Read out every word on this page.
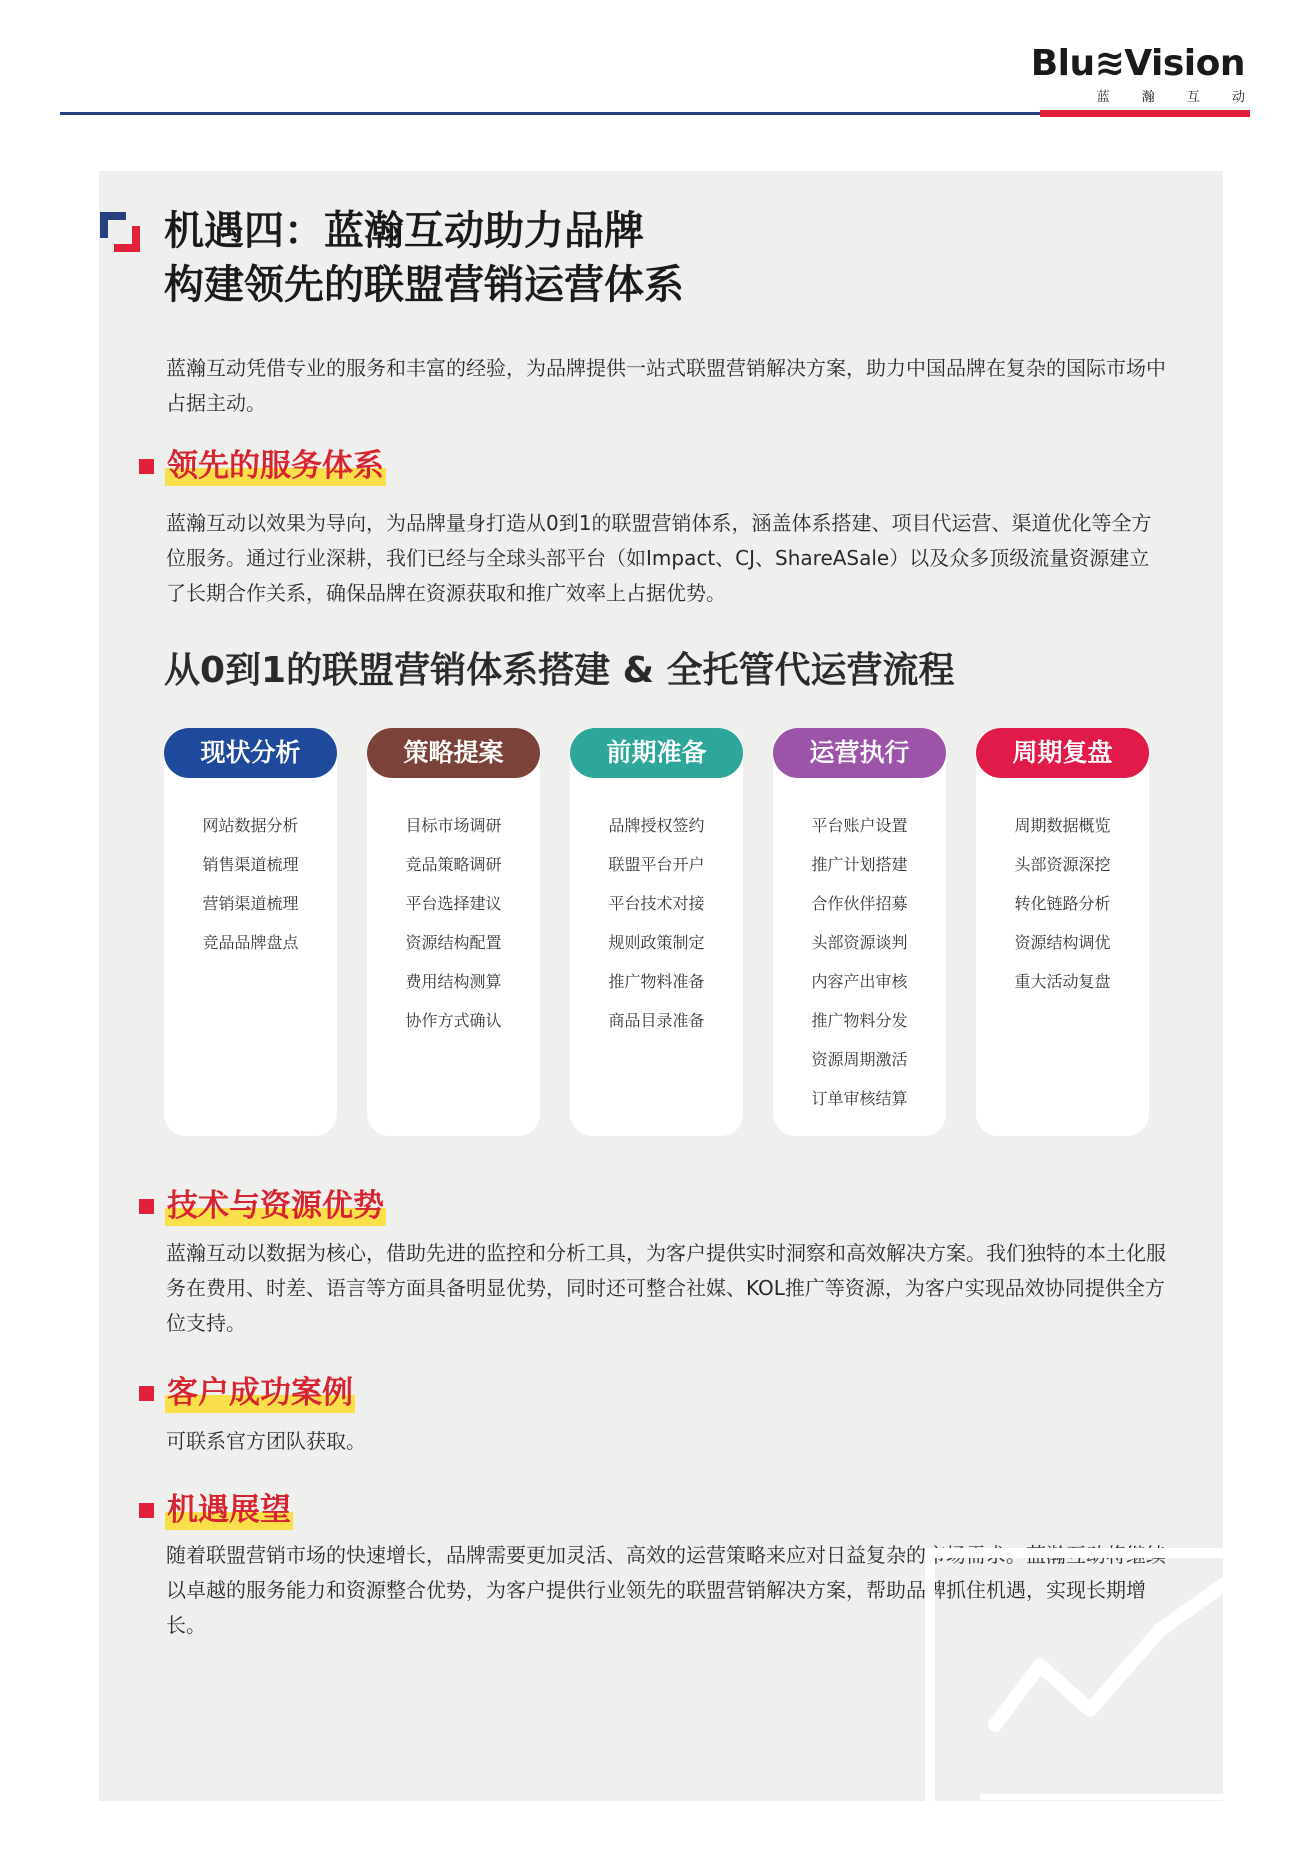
Blu≋Vision
蓝 瀚 互 动
机遇四：蓝瀚互动助力品牌
构建领先的联盟营销运营体系
蓝瀚互动凭借专业的服务和丰富的经验，为品牌提供一站式联盟营销解决方案，助力中国品牌在复杂的国际市场中占据主动。
领先的服务体系
蓝瀚互动以效果为导向，为品牌量身打造从0到1的联盟营销体系，涵盖体系搭建、项目代运营、渠道优化等全方位服务。通过行业深耕，我们已经与全球头部平台（如Impact、CJ、ShareASale）以及众多顶级流量资源建立了长期合作关系，确保品牌在资源获取和推广效率上占据优势。
从0到1的联盟营销体系搭建 & 全托管代运营流程
现状分析
网站数据分析
销售渠道梳理
营销渠道梳理
竞品品牌盘点
策略提案
目标市场调研
竞品策略调研
平台选择建议
资源结构配置
费用结构测算
协作方式确认
前期准备
品牌授权签约
联盟平台开户
平台技术对接
规则政策制定
推广物料准备
商品目录准备
运营执行
平台账户设置
推广计划搭建
合作伙伴招募
头部资源谈判
内容产出审核
推广物料分发
资源周期激活
订单审核结算
周期复盘
周期数据概览
头部资源深挖
转化链路分析
资源结构调优
重大活动复盘
技术与资源优势
蓝瀚互动以数据为核心，借助先进的监控和分析工具，为客户提供实时洞察和高效解决方案。我们独特的本土化服务在费用、时差、语言等方面具备明显优势，同时还可整合社媒、KOL推广等资源，为客户实现品效协同提供全方位支持。
客户成功案例
可联系官方团队获取。
机遇展望
随着联盟营销市场的快速增长，品牌需要更加灵活、高效的运营策略来应对日益复杂的市场需求。蓝瀚互动将继续以卓越的服务能力和资源整合优势，为客户提供行业领先的联盟营销解决方案，帮助品牌抓住机遇，实现长期增长。
